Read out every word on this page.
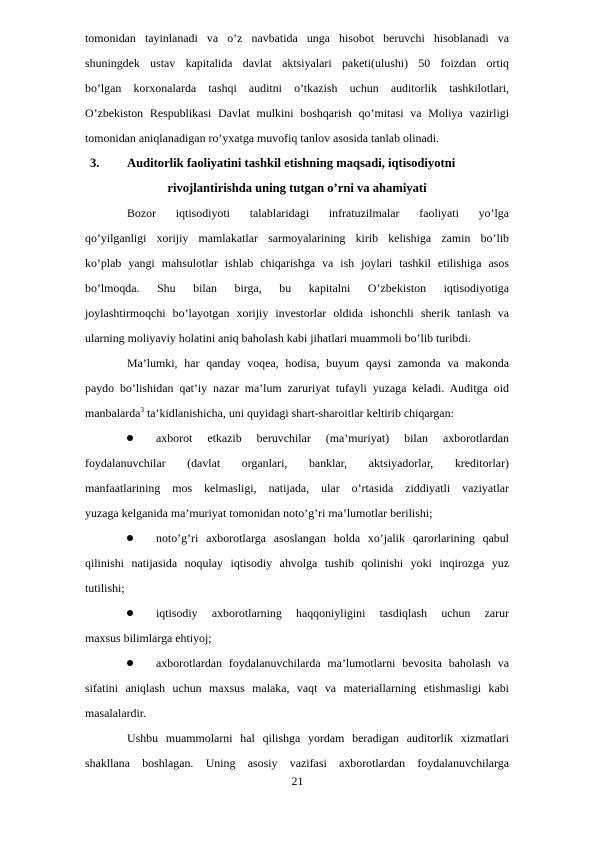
tomonidan tayinlanadi va o’z navbatida unga hisobot beruvchi hisoblanadi va
shuningdek ustav kapitalida davlat aktsiyalari paketi(ulushi) 50 foizdan ortiq
bo’lgan korxonalarda tashqi auditni o’tkazish uchun auditorlik tashkilotlari,
O’zbekiston Respublikasi Davlat mulkini boshqarish qo’mitasi va Moliya vazirligi
tomonidan aniqlanadigan ro’yxatga muvofiq tanlov asosida tanlab olinadi.
3. Auditorlik faoliyatini tashkil etishning maqsadi, iqtisodiyotni
rivojlantirishda uning tutgan o’rni va ahamiyati
Bozor iqtisodiyoti talablaridagi infratuzilmalar faoliyati yo’lga
qo’yilganligi xorijiy mamlakatlar sarmoyalarining kirib kelishiga zamin bo’lib
ko’plab yangi mahsulotlar ishlab chiqarishga va ish joylari tashkil etilishiga asos
bo’lmoqda. Shu bilan birga, bu kapitalni O’zbekiston iqtisodiyotiga
joylashtirmoqchi bo’layotgan xorijiy investorlar oldida ishonchli sherik tanlash va
ularning moliyaviy holatini aniq baholash kabi jihatlari muammoli bo’lib turibdi.
Ma’lumki, har qanday voqea, hodisa, buyum qaysi zamonda va makonda
paydo bo’lishidan qat’iy nazar ma’lum zaruriyat tufayli yuzaga keladi. Auditga oid
manbalarda$^3$ ta’kidlanishicha, uni quyidagi shart-sharoitlar keltirib chiqargan:
axborot etkazib beruvchilar (ma’muriyat) bilan axborotlardan
foydalanuvchilar (davlat organlari, banklar, aktsiyadorlar, kreditorlar)
manfaatlarining mos kelmasligi, natijada, ular o’rtasida ziddiyatli vaziyatlar
yuzaga kelganida ma’muriyat tomonidan noto’g’ri ma’lumotlar berilishi;
noto’g’ri axborotlarga asoslangan holda xo’jalik qarorlarining qabul
qilinishi natijasida noqulay iqtisodiy ahvolga tushib qolinishi yoki inqirozga yuz
tutilishi;
iqtisodiy axborotlarning haqqoniyligini tasdiqlash uchun zarur
maxsus bilimlarga ehtiyoj;
axborotlardan foydalanuvchilarda ma’lumotlarni bevosita baholash va
sifatini aniqlash uchun maxsus malaka, vaqt va materiallarning etishmasligi kabi
masalalardir.
Ushbu muammolarni hal qilishga yordam beradigan auditorlik xizmatlari
shakllana boshlagan. Uning asosiy vazifasi axborotlardan foydalanuvchilarga
21
